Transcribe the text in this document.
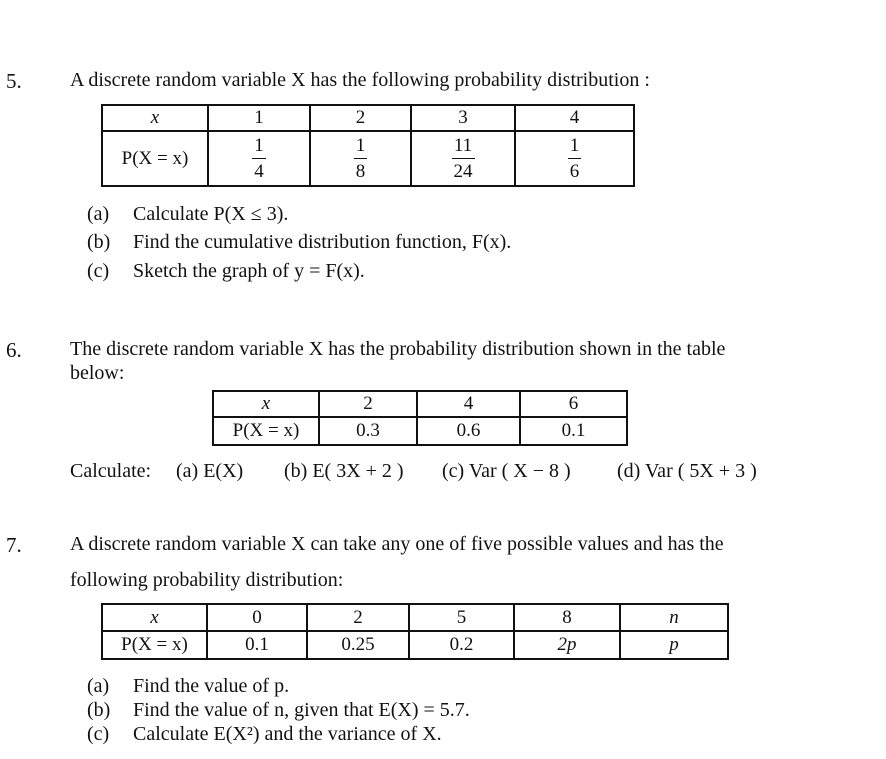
5. A discrete random variable X has the following probability distribution :
x	1	2	3	4
P(X = x)	$\frac{1}{4}$	$\frac{1}{8}$	$\frac{11}{24}$	$\frac{1}{6}$
(a) Calculate P(X ≤ 3).
(b) Find the cumulative distribution function, F(x).
(c) Sketch the graph of y = F(x).
6. The discrete random variable X has the probability distribution shown in the table
below:
x	2	4	6
P(X = x)	0.3	0.6	0.1
Calculate: (a) E(X) (b) E( 3X + 2 ) (c) Var ( X − 8 ) (d) Var ( 5X + 3 )
7. A discrete random variable X can take any one of five possible values and has the
following probability distribution:
x	0	2	5	8	n
P(X = x)	0.1	0.25	0.2	2p	p
(a) Find the value of p.
(b) Find the value of n, given that E(X) = 5.7.
(c) Calculate E(X²) and the variance of X.
